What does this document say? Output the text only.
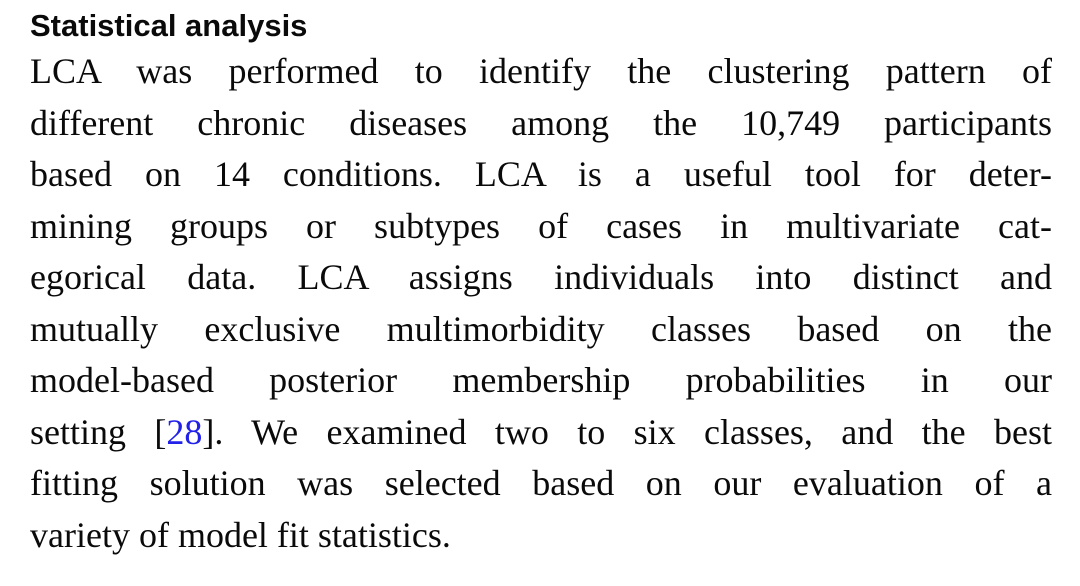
Statistical analysis
LCA was performed to identify the clustering pattern of
different chronic diseases among the 10,749 participants
based on 14 conditions. LCA is a useful tool for deter-
mining groups or subtypes of cases in multivariate cat-
egorical data. LCA assigns individuals into distinct and
mutually exclusive multimorbidity classes based on the
model-based posterior membership probabilities in our
setting [28]. We examined two to six classes, and the best
fitting solution was selected based on our evaluation of a
variety of model fit statistics.
